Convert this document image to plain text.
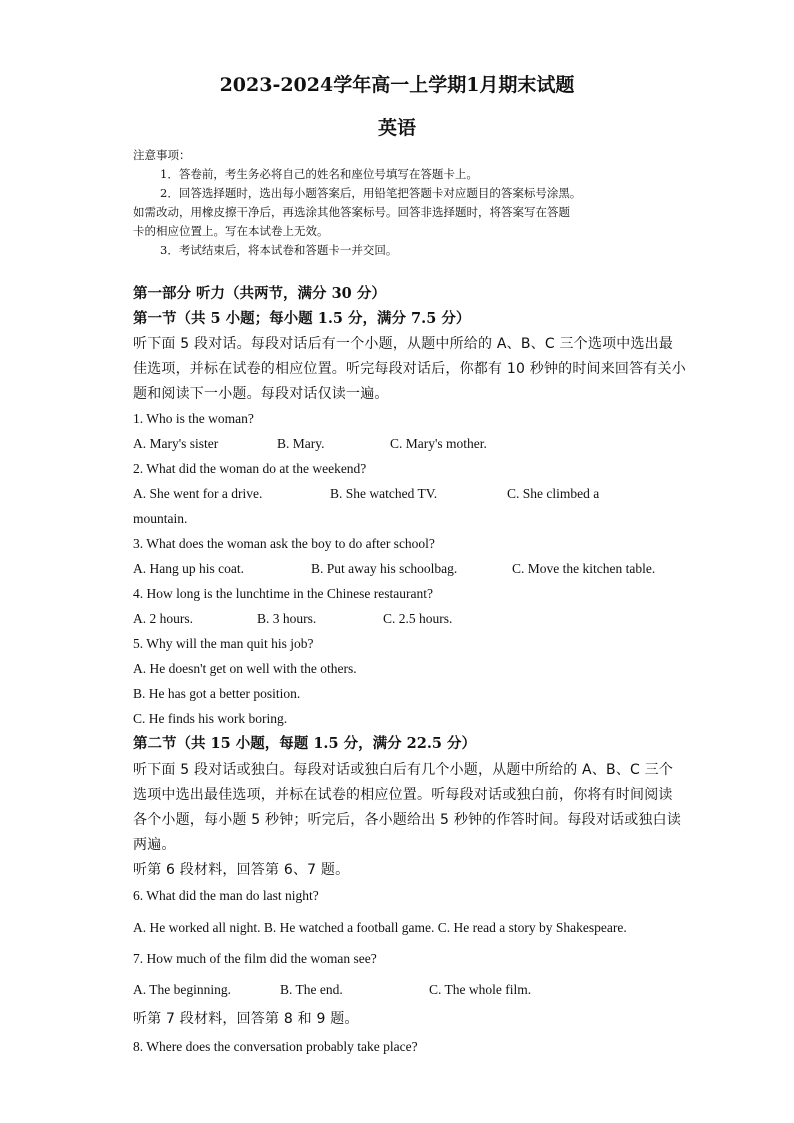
2023-2024学年高一上学期1月期末试题
英语
注意事项：
1．答卷前，考生务必将自己的姓名和座位号填写在答题卡上。
2．回答选择题时，选出每小题答案后，用铅笔把答题卡对应题目的答案标号涂黑。
如需改动，用橡皮擦干净后，再选涂其他答案标号。回答非选择题时，将答案写在答题
卡的相应位置上。写在本试卷上无效。
3．考试结束后，将本试卷和答题卡一并交回。
第一部分 听力（共两节，满分 30 分）
第一节（共 5 小题；每小题 1.5 分，满分 7.5 分）
听下面 5 段对话。每段对话后有一个小题，从题中所给的 A、B、C 三个选项中选出最
佳选项，并标在试卷的相应位置。听完每段对话后，你都有 10 秒钟的时间来回答有关小
题和阅读下一小题。每段对话仅读一遍。
1. Who is the woman?
A. Mary's sister	B. Mary.	C. Mary's mother.
2. What did the woman do at the weekend?
A. She went for a drive.	B. She watched TV.	C. She climbed a
mountain.
3. What does the woman ask the boy to do after school?
A. Hang up his coat.	B. Put away his schoolbag.	C. Move the kitchen table.
4. How long is the lunchtime in the Chinese restaurant?
A. 2 hours.	B. 3 hours.	C. 2.5 hours.
5. Why will the man quit his job?
A. He doesn't get on well with the others.
B. He has got a better position.
C. He finds his work boring.
第二节（共 15 小题，每题 1.5 分，满分 22.5 分）
听下面 5 段对话或独白。每段对话或独白后有几个小题，从题中所给的 A、B、C 三个
选项中选出最佳选项，并标在试卷的相应位置。听每段对话或独白前，你将有时间阅读
各个小题，每小题 5 秒钟；听完后，各小题给出 5 秒钟的作答时间。每段对话或独白读
两遍。
听第 6 段材料，回答第 6、7 题。
6. What did the man do last night?
A. He worked all night. B. He watched a football game. C. He read a story by Shakespeare.
7. How much of the film did the woman see?
A. The beginning.	B. The end.	C. The whole film.
听第 7 段材料，回答第 8 和 9 题。
8. Where does the conversation probably take place?
